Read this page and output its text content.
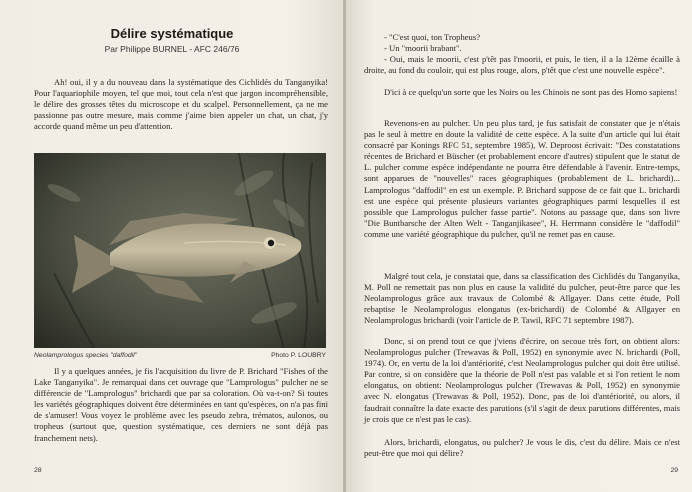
Délire systématique

Par Philippe BURNEL - AFC 246/76

Ah! oui, il y a du nouveau dans la systématique des Cichlidés du Tanganyika! Pour l'aquariophile moyen, tel que moi, tout cela n'est que jargon incompréhensible, le délire des grosses têtes du microscope et du scalpel. Personnellement, ça ne me passionne pas outre mesure, mais comme j'aime bien appeler un chat, un chat, j'y accorde quand même un peu d'attention.

Neolamprologus species "daffodil"	Photo P. LOUBRY

Il y a quelques années, je fis l'acquisition du livre de P. Brichard "Fishes of the Lake Tanganyika". Je remarquai dans cet ouvrage que "Lamprologus" pulcher ne se différencie de "Lamprologus" brichardi que par sa coloration. Où va-t-on? Si toutes les variétés géographiques doivent être déterminées en tant qu'espèces, on n'a pas fini de s'amuser! Vous voyez le problème avec les pseudo zebra, trématos, aulonos, ou tropheus (surtout que, question systématique, ces derniers ne sont déjà pas franchement nets).

28

- "C'est quoi, ton Tropheus?

- Un "moorii brabant".

- Oui, mais le moorii, c'est p'têt pas l'moorii, et puis, le tien, il a la 12ème écaille à droite, au fond du couloir, qui est plus rouge, alors, p'têt que c'est une nouvelle espèce".

D'ici à ce quelqu'un sorte que les Noirs ou les Chinois ne sont pas des Homo sapiens!

Revenons-en au pulcher. Un peu plus tard, je fus satisfait de constater que je n'étais pas le seul à mettre en doute la validité de cette espèce. A la suite d'un article qui lui était consacré par Konings RFC 51, septembre 1985), W. Deproost écrivait: "Des constatations récentes de Brichard et Büscher (et probablement encore d'autres) stipulent que le statut de L. pulcher comme espèce indépendante ne pourra être défendable à l'avenir. Entre-temps, sont apparues de "nouvelles" races géographiques (probablement de L. brichardi)... Lamprologus "daffodil" en est un exemple. P. Brichard suppose de ce fait que L. brichardi est une espèce qui présente plusieurs variantes géographiques parmi lesquelles il est possible que Lamprologus pulcher fasse partie". Notons au passage que, dans son livre "Die Buntbarsche der Alten Welt - Tanganjikasee", H. Herrmann considère le "daffodil" comme une variété géographique du pulcher, qu'il ne remet pas en cause.

Malgré tout cela, je constatai que, dans sa classification des Cichlidés du Tanganyika, M. Poll ne remettait pas non plus en cause la validité du pulcher, peut-être parce que les Neolamprologus grâce aux travaux de Colombé & Allgayer. Dans cette étude, Poll rebaptise le Neolamprologus elongatus (ex-brichardi) de Colombé & Allgayer en Neolamprologus brichardi (voir l'article de P. Tawil, RFC 71 septembre 1987).

Donc, si on prend tout ce que j'viens d'écrire, on secoue très fort, on obtient alors: Neolamprologus pulcher (Trewavas & Poll, 1952) en synonymie avec N. brichardi (Poll, 1974). Or, en vertu de la loi d'antériorité, c'est Neolamprologus pulcher qui doit être utilisé. Par contre, si on considère que la théorie de Poll n'est pas valable et si l'on retient le nom elongatus, on obtient: Neolamprologus pulcher (Trewavas & Poll, 1952) en synonymie avec N. elongatus (Trewavas & Poll, 1952). Donc, pas de loi d'antériorité, ou alors, il faudrait connaître la date exacte des parutions (s'il s'agit de deux parutions différentes, mais je crois que ce n'est pas le cas).

Alors, brichardi, elongatus, ou pulcher? Je vous le dis, c'est du délire. Mais ce n'est peut-être que moi qui délire?

29
